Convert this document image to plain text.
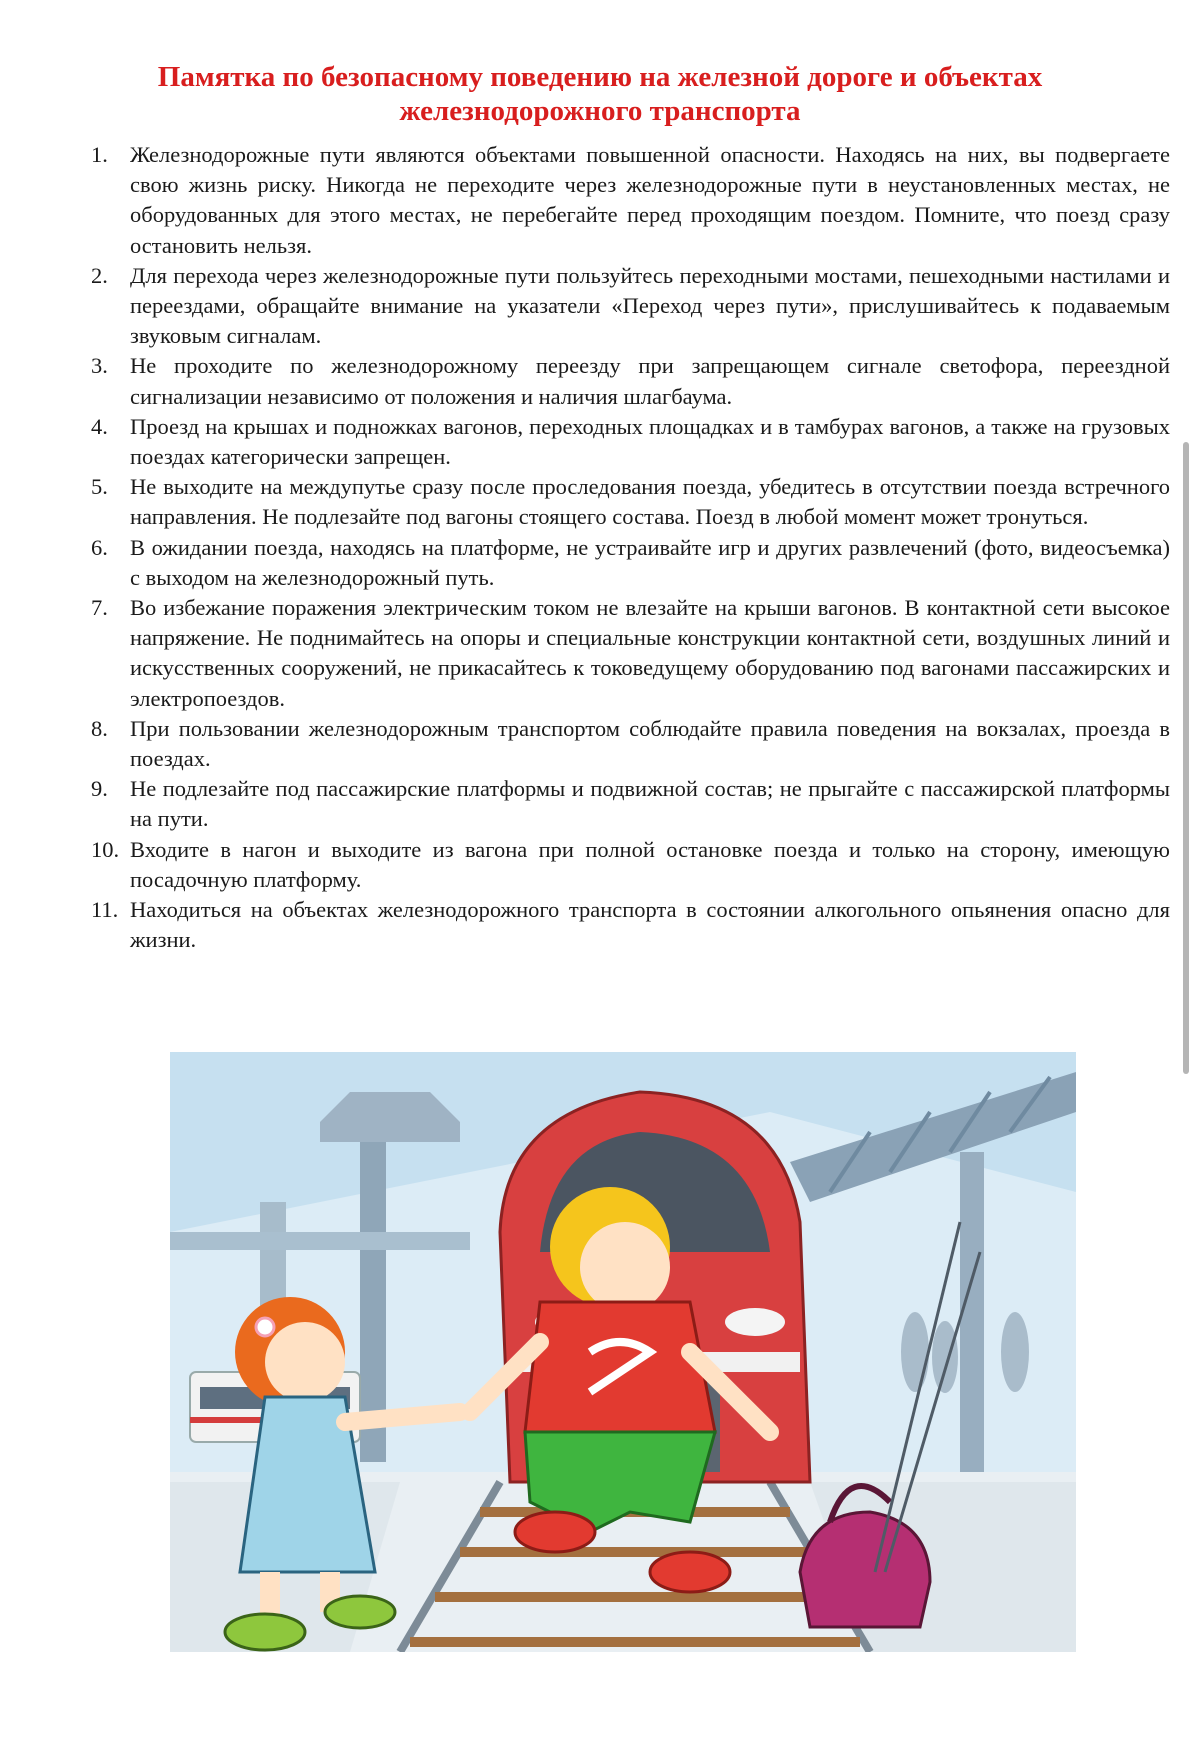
Памятка по безопасному поведению на железной дороге и объектах
железнодорожного транспорта
1. Железнодорожные пути являются объектами повышенной опасности. Находясь на них, вы подвергаете свою жизнь риску. Никогда не переходите через железнодорожные пути в неустановленных местах, не оборудованных для этого местах, не перебегайте перед проходящим поездом. Помните, что поезд сразу остановить нельзя.
2. Для перехода через железнодорожные пути пользуйтесь переходными мостами, пешеходными настилами и переездами, обращайте внимание на указатели «Переход через пути», прислушивайтесь к подаваемым звуковым сигналам.
3. Не проходите по железнодорожному переезду при запрещающем сигнале светофора, переездной сигнализации независимо от положения и наличия шлагбаума.
4. Проезд на крышах и подножках вагонов, переходных площадках и в тамбурах вагонов, а также на грузовых поездах категорически запрещен.
5. Не выходите на междупутье сразу после проследования поезда, убедитесь в отсутствии поезда встречного направления. Не подлезайте под вагоны стоящего состава. Поезд в любой момент может тронуться.
6. В ожидании поезда, находясь на платформе, не устраивайте игр и других развлечений (фото, видеосъемка) с выходом на железнодорожный путь.
7. Во избежание поражения электрическим током не влезайте на крыши вагонов. В контактной сети высокое напряжение. Не поднимайтесь на опоры и специальные конструкции контактной сети, воздушных линий и искусственных сооружений, не прикасайтесь к токоведущему оборудованию под вагонами пассажирских и электропоездов.
8. При пользовании железнодорожным транспортом соблюдайте правила поведения на вокзалах, проезда в поездах.
9. Не подлезайте под пассажирские платформы и подвижной состав; не прыгайте с пассажирской платформы на пути.
10. Входите в нагон и выходите из вагона при полной остановке поезда и только на сторону, имеющую посадочную платформу.
11. Находиться на объектах железнодорожного транспорта в состоянии алкогольного опьянения опасно для жизни.
